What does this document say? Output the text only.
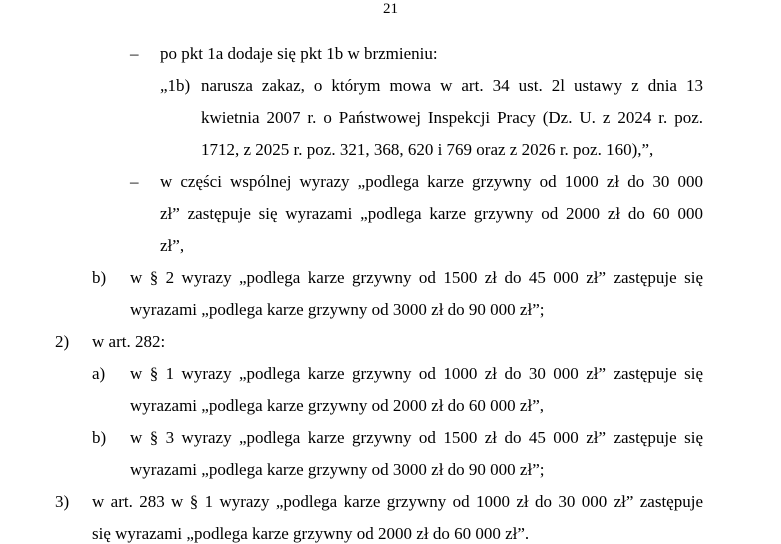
21
– po pkt 1a dodaje się pkt 1b w brzmieniu:
„1b) narusza zakaz, o którym mowa w art. 34 ust. 2l ustawy z dnia 13
kwietnia 2007 r. o Państwowej Inspekcji Pracy (Dz. U. z 2024 r. poz.
1712, z 2025 r. poz. 321, 368, 620 i 769 oraz z 2026 r. poz. 160),”,
– w części wspólnej wyrazy „podlega karze grzywny od 1000 zł do 30 000
zł” zastępuje się wyrazami „podlega karze grzywny od 2000 zł do 60 000
zł”,
b) w § 2 wyrazy „podlega karze grzywny od 1500 zł do 45 000 zł” zastępuje się
wyrazami „podlega karze grzywny od 3000 zł do 90 000 zł”;
2) w art. 282:
a) w § 1 wyrazy „podlega karze grzywny od 1000 zł do 30 000 zł” zastępuje się
wyrazami „podlega karze grzywny od 2000 zł do 60 000 zł”,
b) w § 3 wyrazy „podlega karze grzywny od 1500 zł do 45 000 zł” zastępuje się
wyrazami „podlega karze grzywny od 3000 zł do 90 000 zł”;
3) w art. 283 w § 1 wyrazy „podlega karze grzywny od 1000 zł do 30 000 zł” zastępuje
się wyrazami „podlega karze grzywny od 2000 zł do 60 000 zł”.
